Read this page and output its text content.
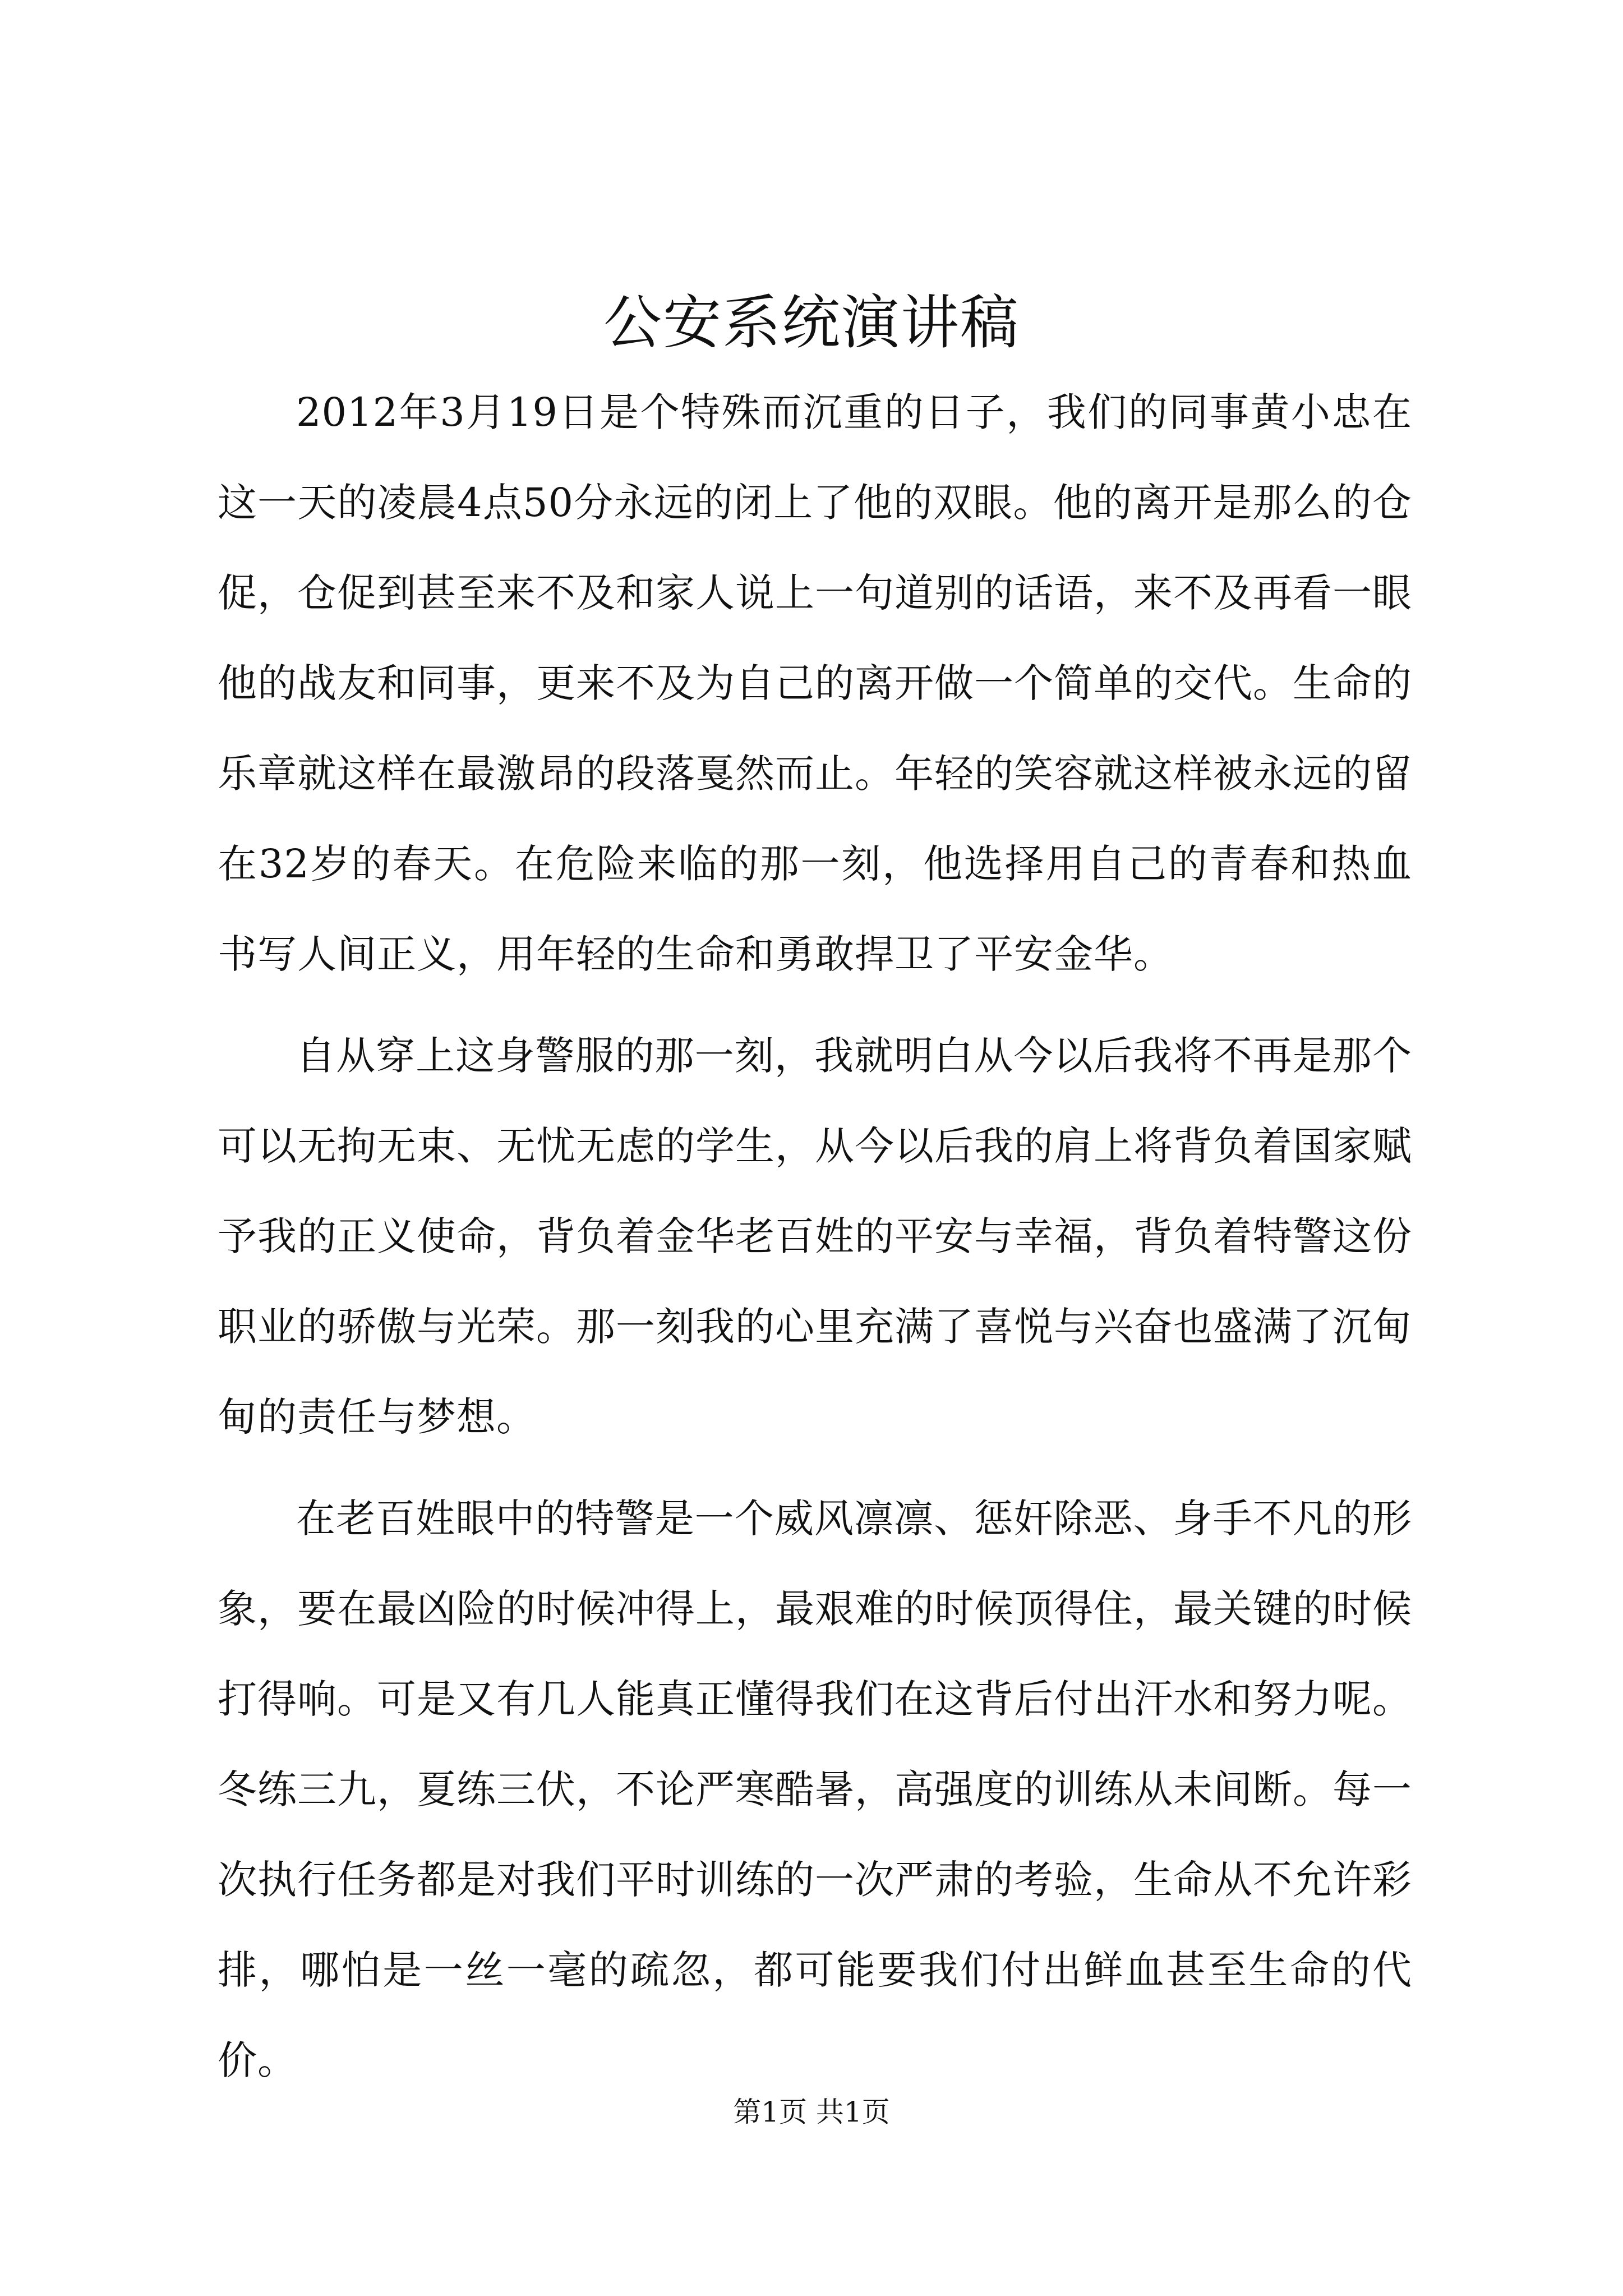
公安系统演讲稿

2012年3月19日是个特殊而沉重的日子，我们的同事黄小忠在这一天的凌晨4点50分永远的闭上了他的双眼。他的离开是那么的仓促，仓促到甚至来不及和家人说上一句道别的话语，来不及再看一眼他的战友和同事，更来不及为自己的离开做一个简单的交代。生命的乐章就这样在最激昂的段落戛然而止。年轻的笑容就这样被永远的留在32岁的春天。在危险来临的那一刻，他选择用自己的青春和热血书写人间正义，用年轻的生命和勇敢捍卫了平安金华。

自从穿上这身警服的那一刻，我就明白从今以后我将不再是那个可以无拘无束、无忧无虑的学生，从今以后我的肩上将背负着国家赋予我的正义使命，背负着金华老百姓的平安与幸福，背负着特警这份职业的骄傲与光荣。那一刻我的心里充满了喜悦与兴奋也盛满了沉甸甸的责任与梦想。

在老百姓眼中的特警是一个威风凛凛、惩奸除恶、身手不凡的形象，要在最凶险的时候冲得上，最艰难的时候顶得住，最关键的时候打得响。可是又有几人能真正懂得我们在这背后付出汗水和努力呢。冬练三九，夏练三伏，不论严寒酷暑，高强度的训练从未间断。每一次执行任务都是对我们平时训练的一次严肃的考验，生命从不允许彩排，哪怕是一丝一毫的疏忽，都可能要我们付出鲜血甚至生命的代价。

第1页 共1页
